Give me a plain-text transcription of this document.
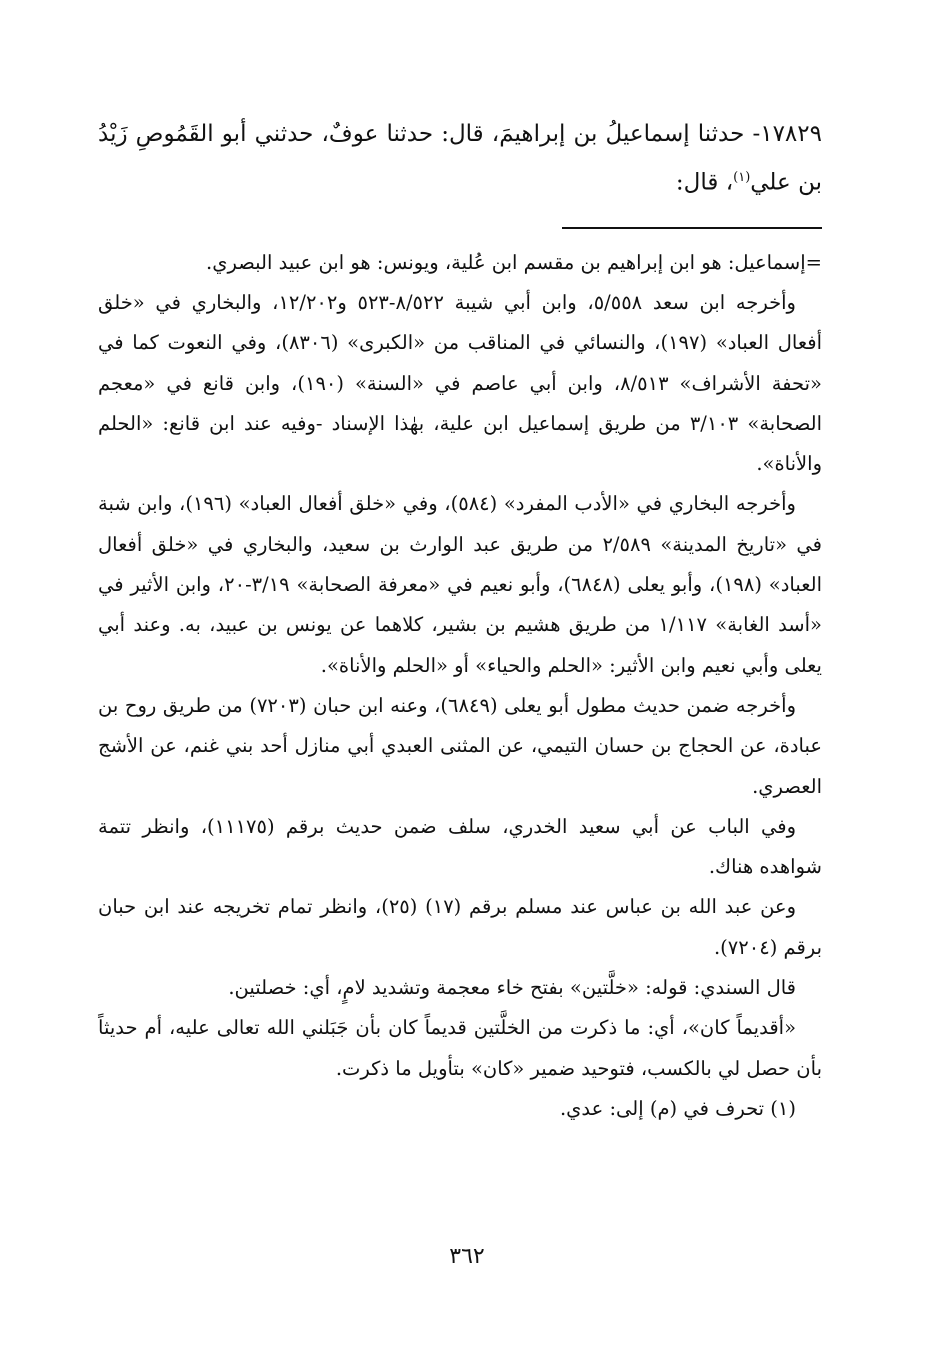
١٧٨٢٩- حدثنا إسماعيلُ بن إبراهيمَ، قال: حدثنا عوفٌ، حدثني أبو القَمُوصِ زَيْدُ بن علي$^{(١)}$، قال:

=إسماعيل: هو ابن إبراهيم بن مقسم ابن عُلية، ويونس: هو ابن عبيد البصري.

وأخرجه ابن سعد ٥/٥٥٨، وابن أبي شيبة ٨/٥٢٢-٥٢٣ و١٢/٢٠٢، والبخاري في «خلق أفعال العباد» (١٩٧)، والنسائي في المناقب من «الكبرى» (٨٣٠٦)، وفي النعوت كما في «تحفة الأشراف» ٨/٥١٣، وابن أبي عاصم في «السنة» (١٩٠)، وابن قانع في «معجم الصحابة» ٣/١٠٣ من طريق إسماعيل ابن علية، بهٰذا الإسناد -وفيه عند ابن قانع: «الحلم والأناة».

وأخرجه البخاري في «الأدب المفرد» (٥٨٤)، وفي «خلق أفعال العباد» (١٩٦)، وابن شبة في «تاريخ المدينة» ٢/٥٨٩ من طريق عبد الوارث بن سعيد، والبخاري في «خلق أفعال العباد» (١٩٨)، وأبو يعلى (٦٨٤٨)، وأبو نعيم في «معرفة الصحابة» ٣/١٩-٢٠، وابن الأثير في «أسد الغابة» ١/١١٧ من طريق هشيم بن بشير، كلاهما عن يونس بن عبيد، به. وعند أبي يعلى وأبي نعيم وابن الأثير: «الحلم والحياء» أو «الحلم والأناة».

وأخرجه ضمن حديث مطول أبو يعلى (٦٨٤٩)، وعنه ابن حبان (٧٢٠٣) من طريق روح بن عبادة، عن الحجاج بن حسان التيمي، عن المثنى العبدي أبي منازل أحد بني غنم، عن الأشج العصري.

وفي الباب عن أبي سعيد الخدري، سلف ضمن حديث برقم (١١١٧٥)، وانظر تتمة شواهده هناك.

وعن عبد الله بن عباس عند مسلم برقم (١٧) (٢٥)، وانظر تمام تخريجه عند ابن حبان برقم (٧٢٠٤).

قال السندي: قوله: «خلَّتين» بفتح خاء معجمة وتشديد لامٍ، أي: خصلتين.

«أقديماً كان»، أي: ما ذكرت من الخلَّتين قديماً كان بأن جَبَلني الله تعالى عليه، أم حديثاً بأن حصل لي بالكسب، فتوحيد ضمير «كان» بتأويل ما ذكرت.

(١) تحرف في (م) إلى: عدي.

٣٦٢
